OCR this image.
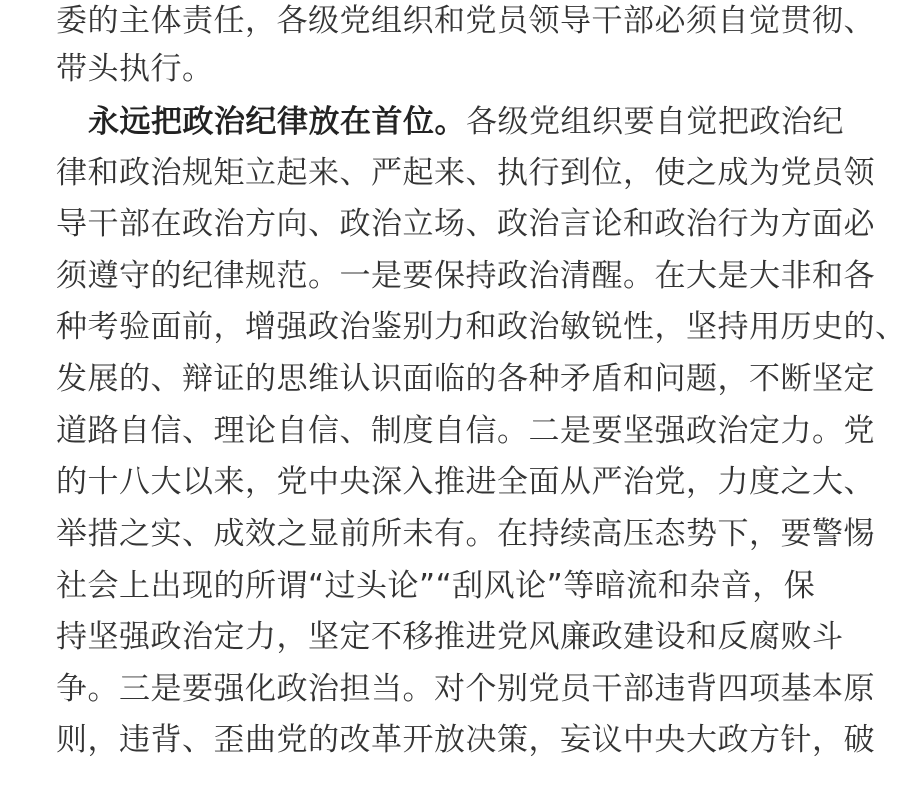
委的主体责任，各级党组织和党员领导干部必须自觉贯彻、
带头执行。
永远把政治纪律放在首位。各级党组织要自觉把政治纪
律和政治规矩立起来、严起来、执行到位，使之成为党员领
导干部在政治方向、政治立场、政治言论和政治行为方面必
须遵守的纪律规范。一是要保持政治清醒。在大是大非和各
种考验面前，增强政治鉴别力和政治敏锐性，坚持用历史的、
发展的、辩证的思维认识面临的各种矛盾和问题，不断坚定
道路自信、理论自信、制度自信。二是要坚强政治定力。党
的十八大以来，党中央深入推进全面从严治党，力度之大、
举措之实、成效之显前所未有。在持续高压态势下，要警惕
社会上出现的所谓“过头论”“刮风论”等暗流和杂音，保
持坚强政治定力，坚定不移推进党风廉政建设和反腐败斗
争。三是要强化政治担当。对个别党员干部违背四项基本原
则，违背、歪曲党的改革开放决策，妄议中央大政方针，破
